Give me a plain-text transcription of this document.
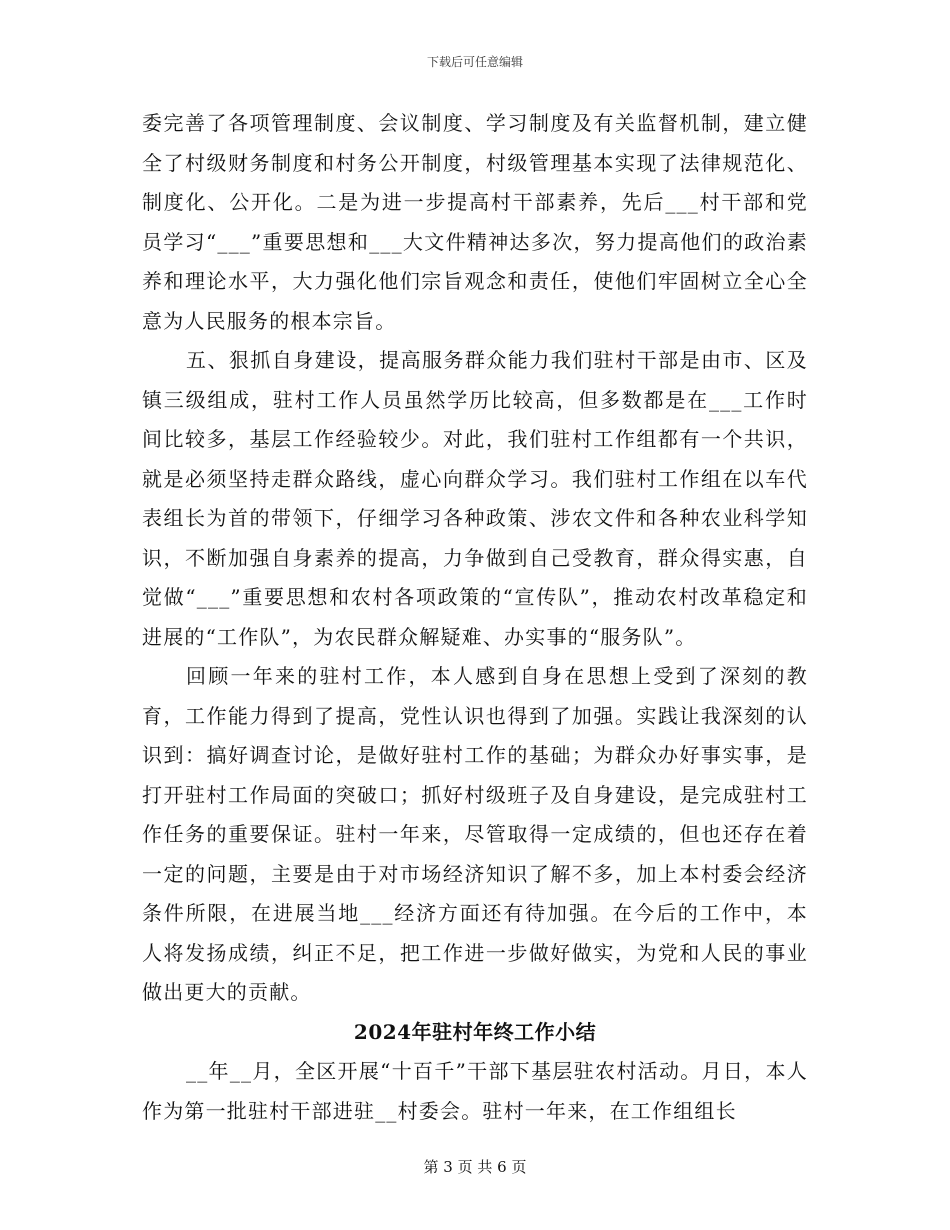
下载后可任意编辑

委完善了各项管理制度、会议制度、学习制度及有关监督机制，建立健全了村级财务制度和村务公开制度，村级管理基本实现了法律规范化、制度化、公开化。二是为进一步提高村干部素养，先后___村干部和党员学习“___”重要思想和___大文件精神达多次，努力提高他们的政治素养和理论水平，大力强化他们宗旨观念和责任，使他们牢固树立全心全意为人民服务的根本宗旨。

五、狠抓自身建设，提高服务群众能力我们驻村干部是由市、区及镇三级组成，驻村工作人员虽然学历比较高，但多数都是在___工作时间比较多，基层工作经验较少。对此，我们驻村工作组都有一个共识，就是必须坚持走群众路线，虚心向群众学习。我们驻村工作组在以车代表组长为首的带领下，仔细学习各种政策、涉农文件和各种农业科学知识，不断加强自身素养的提高，力争做到自己受教育，群众得实惠，自觉做“___”重要思想和农村各项政策的“宣传队”，推动农村改革稳定和进展的“工作队”，为农民群众解疑难、办实事的“服务队”。

回顾一年来的驻村工作，本人感到自身在思想上受到了深刻的教育，工作能力得到了提高，党性认识也得到了加强。实践让我深刻的认识到：搞好调查讨论，是做好驻村工作的基础；为群众办好事实事，是打开驻村工作局面的突破口；抓好村级班子及自身建设，是完成驻村工作任务的重要保证。驻村一年来，尽管取得一定成绩的，但也还存在着一定的问题，主要是由于对市场经济知识了解不多，加上本村委会经济条件所限，在进展当地___经济方面还有待加强。在今后的工作中，本人将发扬成绩，纠正不足，把工作进一步做好做实，为党和人民的事业做出更大的贡献。

2024年驻村年终工作小结

__年__月，全区开展“十百千”干部下基层驻农村活动。月日，本人作为第一批驻村干部进驻__村委会。驻村一年来，在工作组组长

第 3 页 共 6 页
